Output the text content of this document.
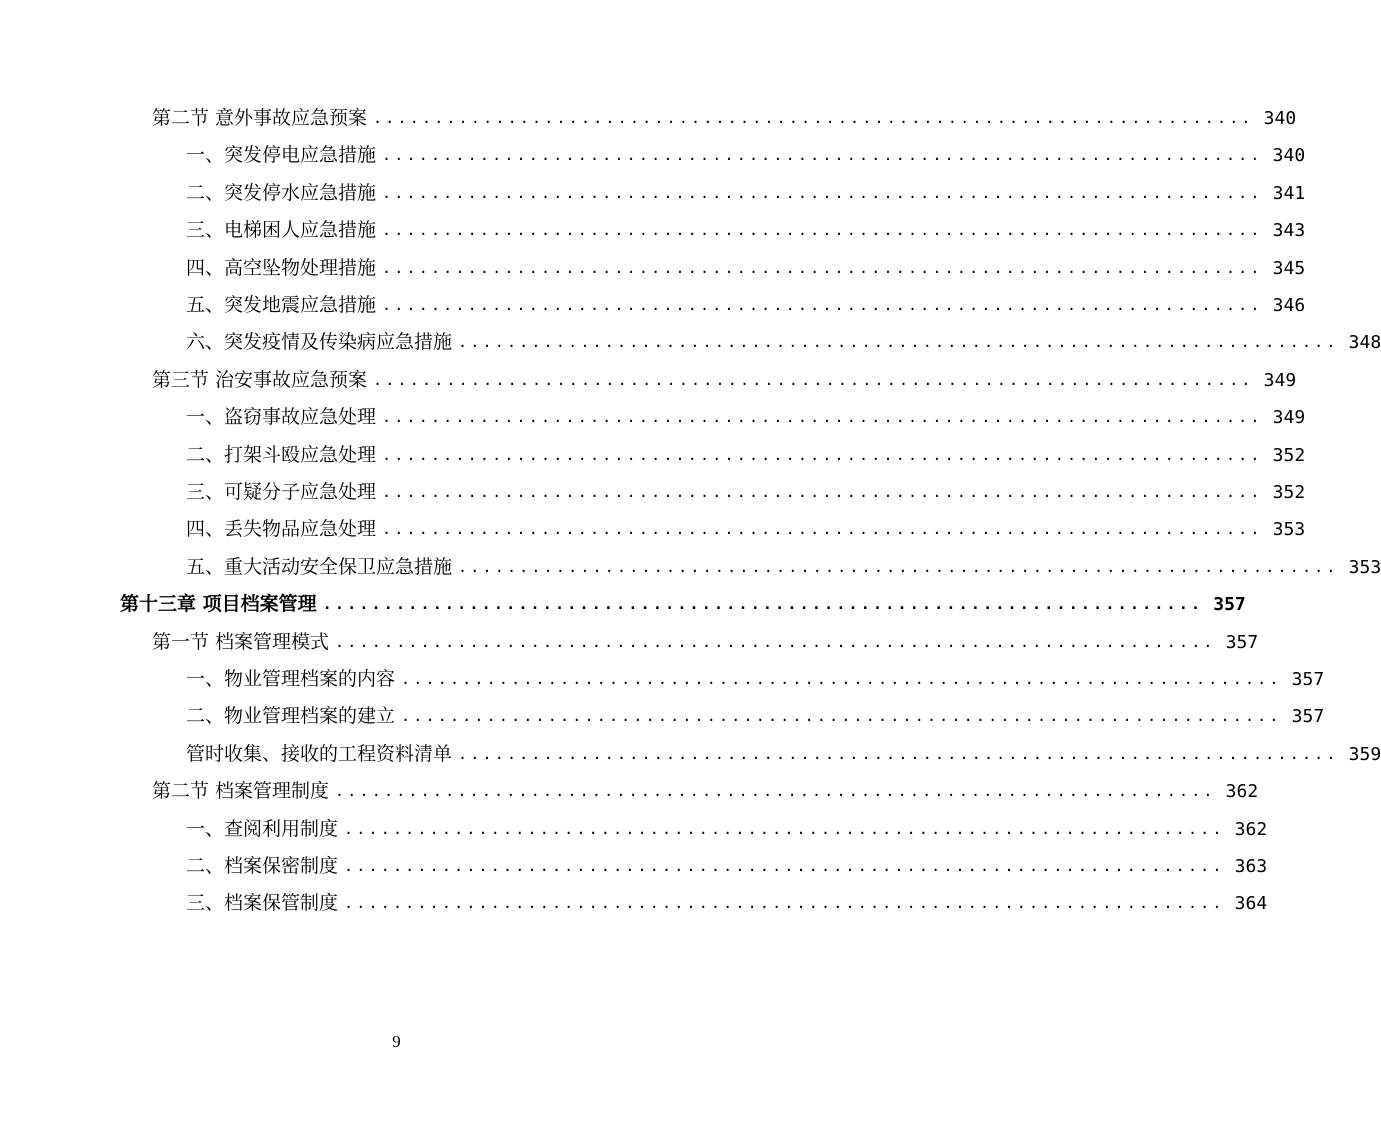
第二节 意外事故应急预案 ........................................................................ 340
一、突发停电应急措施 ........................................................................ 340
二、突发停水应急措施 ........................................................................ 341
三、电梯困人应急措施 ........................................................................ 343
四、高空坠物处理措施 ........................................................................ 345
五、突发地震应急措施 ........................................................................ 346
六、突发疫情及传染病应急措施 ........................................................................ 348
第三节 治安事故应急预案 ........................................................................ 349
一、盗窃事故应急处理 ........................................................................ 349
二、打架斗殴应急处理 ........................................................................ 352
三、可疑分子应急处理 ........................................................................ 352
四、丢失物品应急处理 ........................................................................ 353
五、重大活动安全保卫应急措施 ........................................................................ 353
第十三章 项目档案管理 ........................................................................ 357
第一节 档案管理模式 ........................................................................ 357
一、物业管理档案的内容 ........................................................................ 357
二、物业管理档案的建立 ........................................................................ 357
管时收集、接收的工程资料清单 ........................................................................ 359
第二节 档案管理制度 ........................................................................ 362
一、查阅利用制度 ........................................................................ 362
二、档案保密制度 ........................................................................ 363
三、档案保管制度 ........................................................................ 364
9
